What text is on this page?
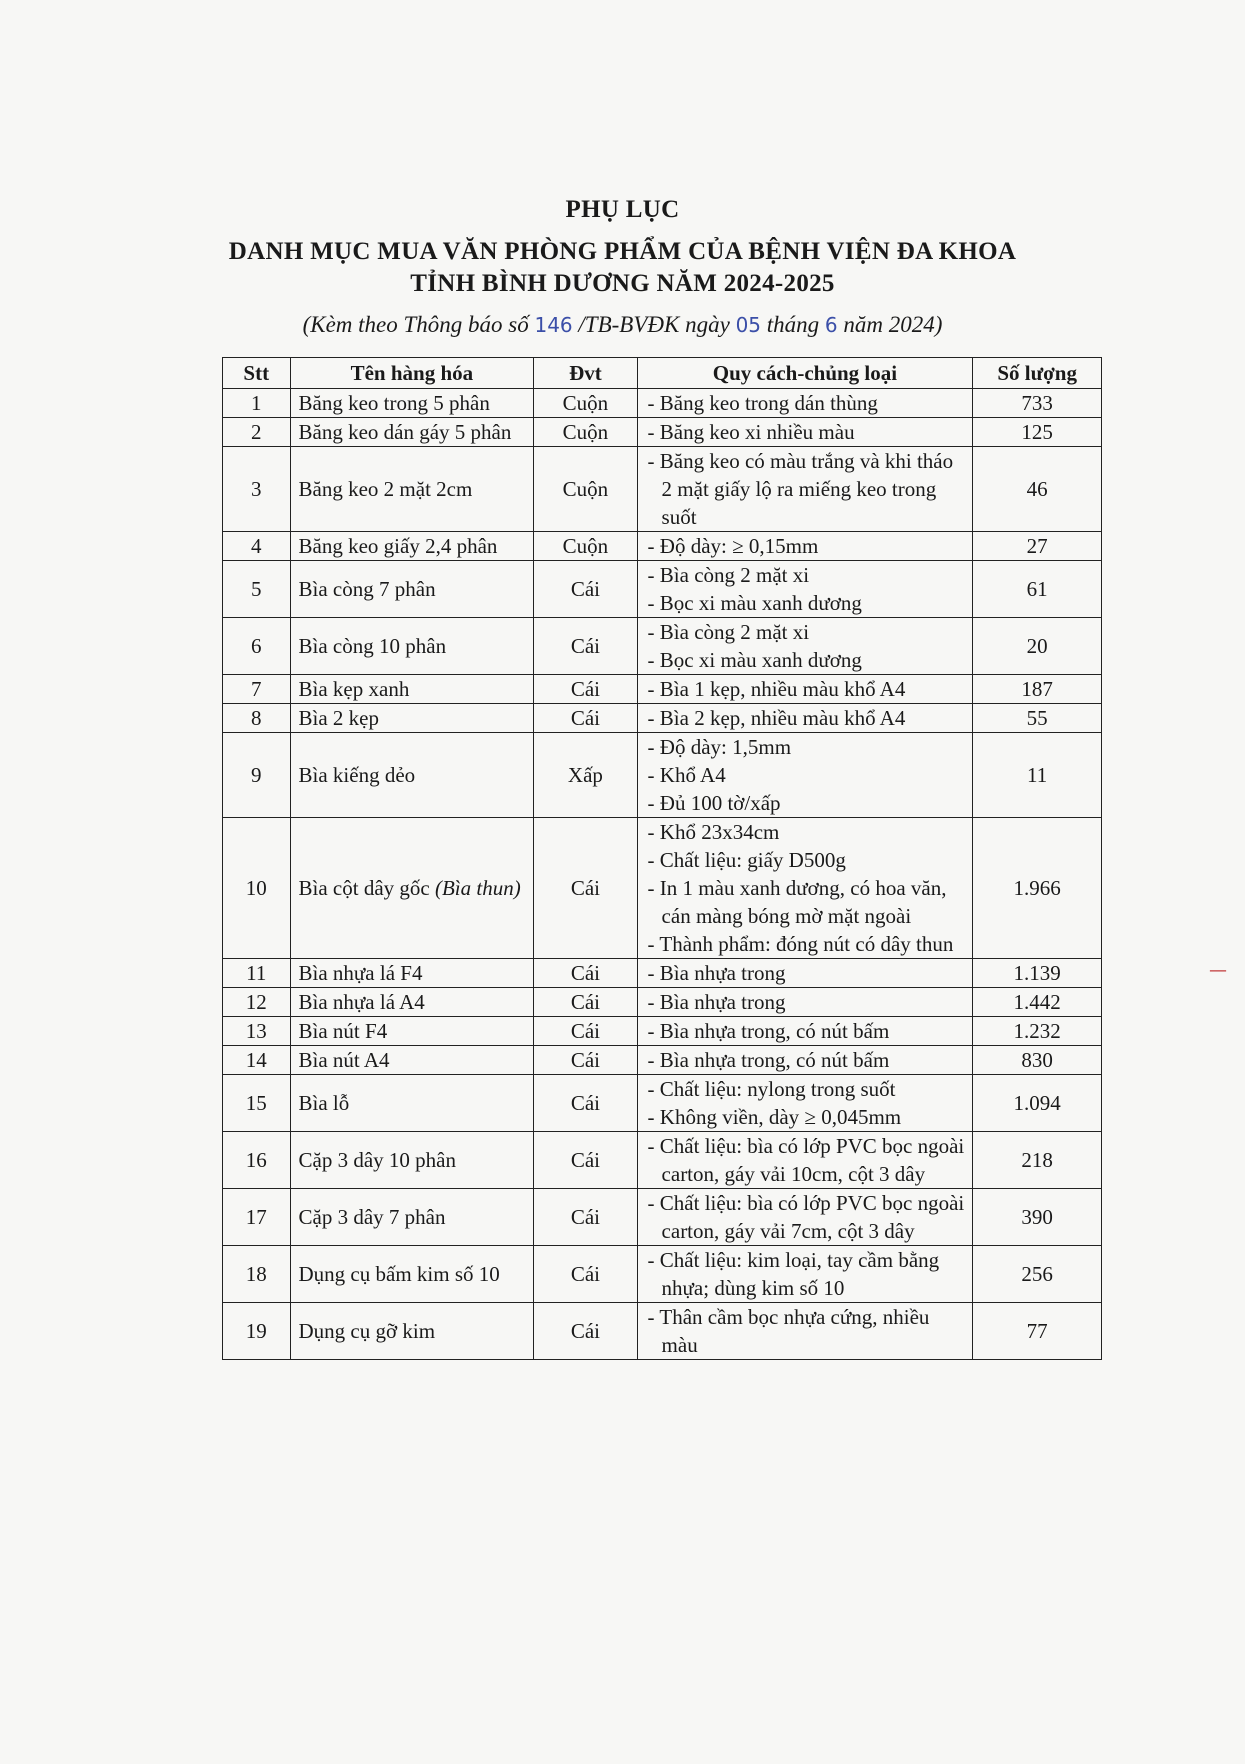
PHỤ LỤC
DANH MỤC MUA VĂN PHÒNG PHẨM CỦA BỆNH VIỆN ĐA KHOA
TỈNH BÌNH DƯƠNG NĂM 2024-2025
(Kèm theo Thông báo số 146 /TB-BVĐK ngày 05 tháng 6 năm 2024)
Stt	Tên hàng hóa	Đvt	Quy cách-chủng loại	Số lượng
1	Băng keo trong 5 phân	Cuộn	- Băng keo trong dán thùng	733
2	Băng keo dán gáy 5 phân	Cuộn	- Băng keo xi nhiều màu	125
3	Băng keo 2 mặt 2cm	Cuộn	- Băng keo có màu trắng và khi tháo 2 mặt giấy lộ ra miếng keo trong suốt	46
4	Băng keo giấy 2,4 phân	Cuộn	- Độ dày: ≥ 0,15mm	27
5	Bìa còng 7 phân	Cái	- Bìa còng 2 mặt xi
- Bọc xi màu xanh dương	61
6	Bìa còng 10 phân	Cái	- Bìa còng 2 mặt xi
- Bọc xi màu xanh dương	20
7	Bìa kẹp xanh	Cái	- Bìa 1 kẹp, nhiều màu khổ A4	187
8	Bìa 2 kẹp	Cái	- Bìa 2 kẹp, nhiều màu khổ A4	55
9	Bìa kiếng dẻo	Xấp	- Độ dày: 1,5mm
- Khổ A4
- Đủ 100 tờ/xấp	11
10	Bìa cột dây gốc (Bìa thun)	Cái	- Khổ 23x34cm
- Chất liệu: giấy D500g
- In 1 màu xanh dương, có hoa văn, cán màng bóng mờ mặt ngoài
- Thành phẩm: đóng nút có dây thun	1.966
11	Bìa nhựa lá F4	Cái	- Bìa nhựa trong	1.139
12	Bìa nhựa lá A4	Cái	- Bìa nhựa trong	1.442
13	Bìa nút F4	Cái	- Bìa nhựa trong, có nút bấm	1.232
14	Bìa nút A4	Cái	- Bìa nhựa trong, có nút bấm	830
15	Bìa lỗ	Cái	- Chất liệu: nylong trong suốt
- Không viền, dày ≥ 0,045mm	1.094
16	Cặp 3 dây 10 phân	Cái	- Chất liệu: bìa có lớp PVC bọc ngoài carton, gáy vải 10cm, cột 3 dây	218
17	Cặp 3 dây 7 phân	Cái	- Chất liệu: bìa có lớp PVC bọc ngoài carton, gáy vải 7cm, cột 3 dây	390
18	Dụng cụ bấm kim số 10	Cái	- Chất liệu: kim loại, tay cầm bằng nhựa; dùng kim số 10	256
19	Dụng cụ gỡ kim	Cái	- Thân cầm bọc nhựa cứng, nhiều màu	77
—
